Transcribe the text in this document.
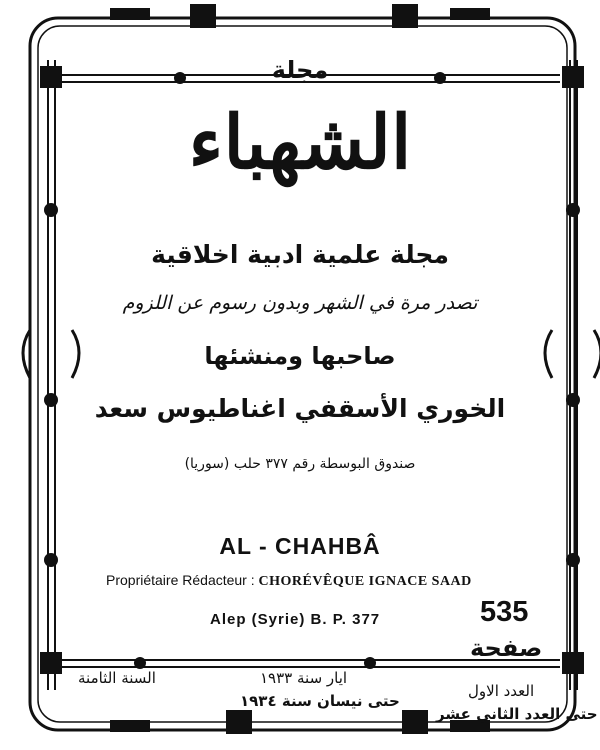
مجلة

الشهباء

مجلة علمية ادبية اخلاقية

تصدر مرة في الشهر وبدون رسوم عن اللزوم

صاحبها ومنشئها

الخوري الأسقفي اغناطيوس سعد

صندوق البوسطة رقم ٣٧٧ حلب (سوريا)

AL - CHAHBÂ

Propriétaire Rédacteur : CHORÉVÊQUE IGNACE SAAD

Alep (Syrie) B. P. 377	535

صفحة

السنة الثامنة	ايار سنة ١٩٣٣

حتى نيسان سنة ١٩٣٤

العدد الاول

حتى العدد الثاني عشر
